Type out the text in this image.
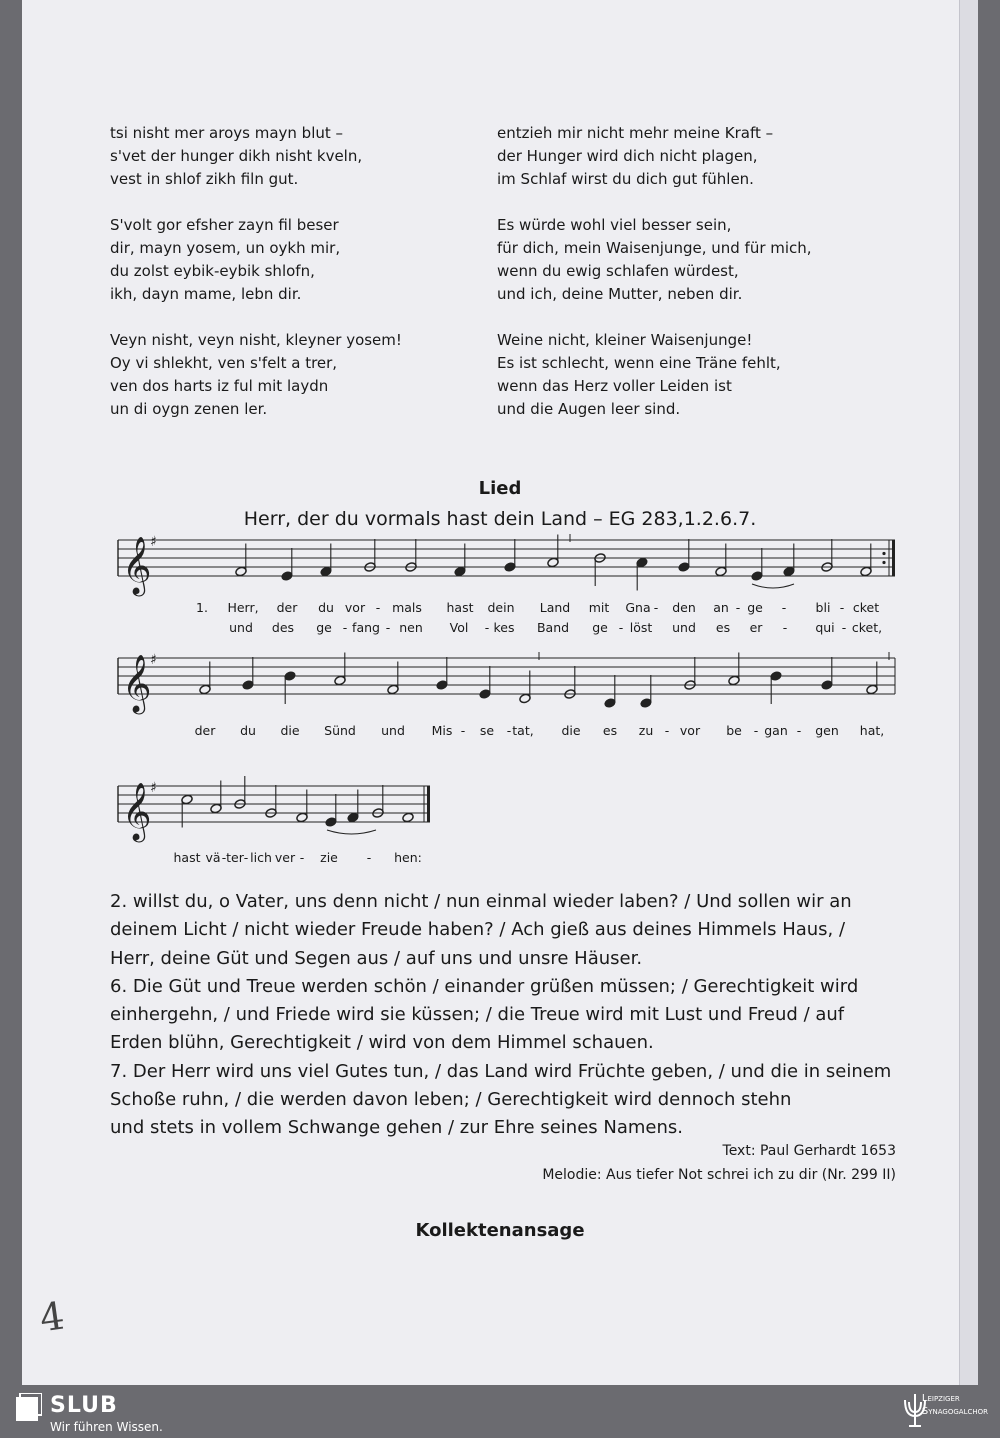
tsi nisht mer aroys mayn blut –
s'vet der hunger dikh nisht kveln,
vest in shlof zikh filn gut.

S'volt gor efsher zayn fil beser
dir, mayn yosem, un oykh mir,
du zolst eybik-eybik shlofn,
ikh, dayn mame, lebn dir.

Veyn nisht, veyn nisht, kleyner yosem!
Oy vi shlekht, ven s'felt a trer,
ven dos harts iz ful mit laydn
un di oygn zenen ler.

entzieh mir nicht mehr meine Kraft –
der Hunger wird dich nicht plagen,
im Schlaf wirst du dich gut fühlen.

Es würde wohl viel besser sein,
für dich, mein Waisenjunge, und für mich,
wenn du ewig schlafen würdest,
und ich, deine Mutter, neben dir.

Weine nicht, kleiner Waisenjunge!
Es ist schlecht, wenn eine Träne fehlt,
wenn das Herz voller Leiden ist
und die Augen leer sind.

Lied
Herr, der du vormals hast dein Land – EG 283,1.2.6.7.
𝄞
♯
1. Herr, der du vor - mals hast dein Land mit Gna - den an - ge - bli - cket
und des ge - fang - nen Vol - kes Band ge - löst und es er - qui - cket,
𝄞
♯
der du die Sünd und Mis - se - tat, die es zu - vor be - gan - gen hat,
𝄞
♯
hast vä - ter - lich ver - zie - hen:
2. willst du, o Vater, uns denn nicht / nun einmal wieder laben? / Und sollen wir an
deinem Licht / nicht wieder Freude haben? / Ach gieß aus deines Himmels Haus, /
Herr, deine Güt und Segen aus / auf uns und unsre Häuser.
6. Die Güt und Treue werden schön / einander grüßen müssen; / Gerechtigkeit wird
einhergehn, / und Friede wird sie küssen; / die Treue wird mit Lust und Freud / auf
Erden blühn, Gerechtigkeit / wird von dem Himmel schauen.
7. Der Herr wird uns viel Gutes tun, / das Land wird Früchte geben, / und die in seinem
Schoße ruhn, / die werden davon leben; / Gerechtigkeit wird dennoch stehn
und stets in vollem Schwange gehen / zur Ehre seines Namens.
Text: Paul Gerhardt 1653
Melodie: Aus tiefer Not schrei ich zu dir (Nr. 299 II)
Kollektenansage
4
SLUB
Wir führen Wissen.
Leipziger
Synagogalchor
